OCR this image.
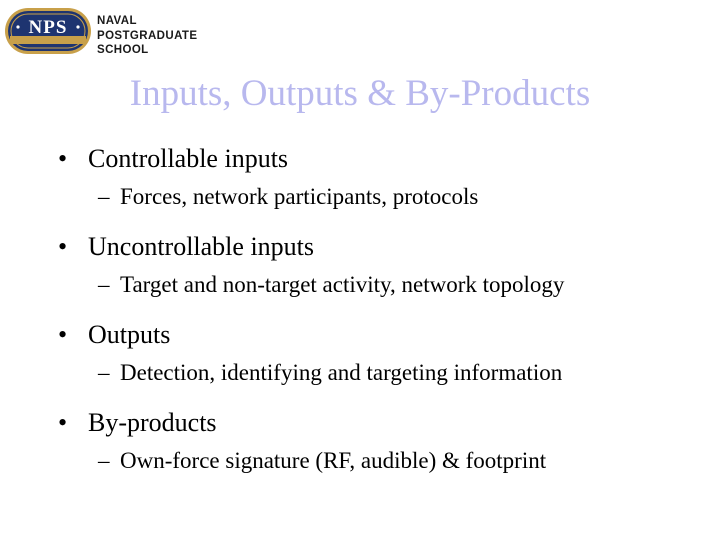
NPS	NAVAL
POSTGRADUATE
SCHOOL
Inputs, Outputs & By-Products
• Controllable inputs
– Forces, network participants, protocols
• Uncontrollable inputs
– Target and non-target activity, network topology
• Outputs
– Detection, identifying and targeting information
• By-products
– Own-force signature (RF, audible) & footprint
